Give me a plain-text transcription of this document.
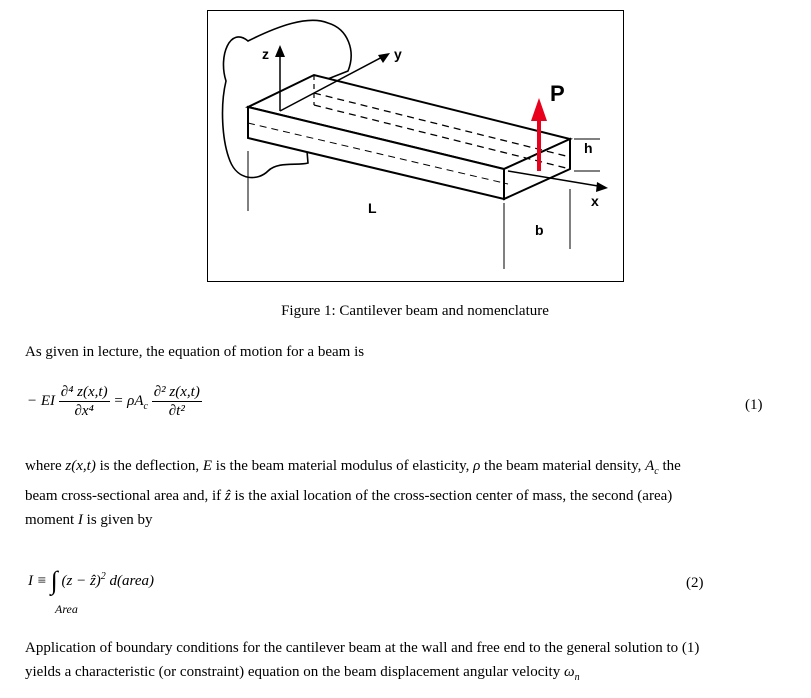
z	y
x
P
h
b
L
Figure 1: Cantilever beam and nomenclature
As given in lecture, the equation of motion for a beam is
− EI $\frac{\text{∂⁴ z(x,t)}}{\text{∂x⁴}} = \rho A_c \frac{\text{∂² z(x,t)}}{\text{∂t²}}$	(1)
where z(x,t) is the deflection, E is the beam material modulus of elasticity, ρ the beam material density, $A_c$ the
beam cross-sectional area and, if ẑ is the axial location of the cross-section center of mass, the second (area)
moment I is given by
I ≡ ∫ (z − ẑ)$^2$ d(area)
Area
(2)
Application of boundary conditions for the cantilever beam at the wall and free end to the general solution to (1)
yields a characteristic (or constraint) equation on the beam displacement angular velocity $\omega_n$
